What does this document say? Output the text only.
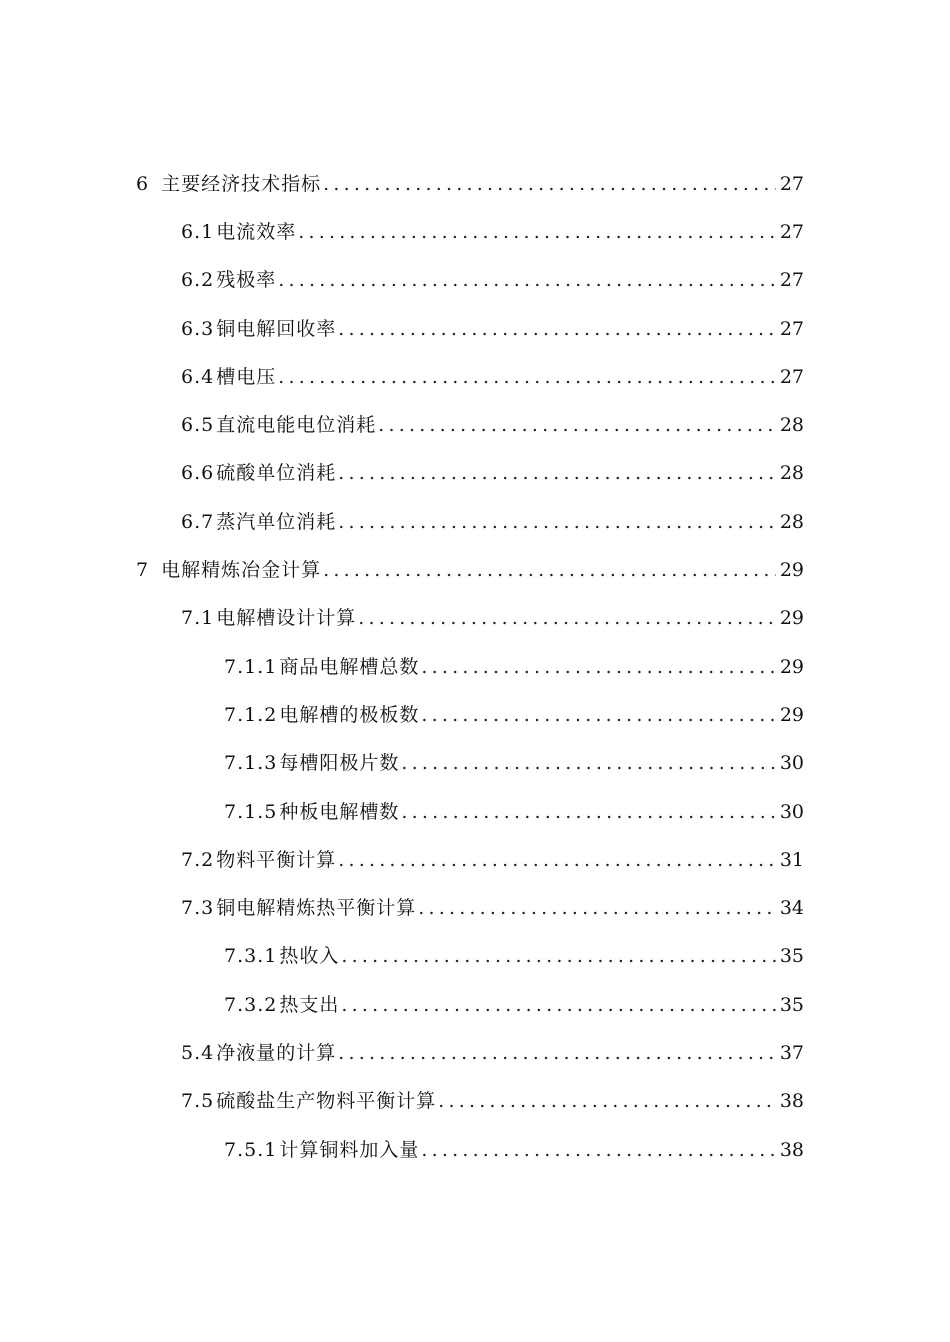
6 主要经济技术指标 .....	27
6.1 电流效率 .....	27
6.2 残极率 .....	27
6.3 铜电解回收率 .....	27
6.4 槽电压 .....	27
6.5 直流电能电位消耗 .....	28
6.6 硫酸单位消耗 .....	28
6.7 蒸汽单位消耗 .....	28
7 电解精炼冶金计算 .....	29
7.1 电解槽设计计算 .....	29
7.1.1 商品电解槽总数 .....	29
7.1.2 电解槽的极板数 .....	29
7.1.3 每槽阳极片数 .....	30
7.1.5 种板电解槽数 .....	30
7.2 物料平衡计算 .....	31
7.3 铜电解精炼热平衡计算 .....	34
7.3.1 热收入 .....	35
7.3.2 热支出 .....	35
5.4 净液量的计算 .....	37
7.5 硫酸盐生产物料平衡计算 .....	38
7.5.1 计算铜料加入量 .....	38
